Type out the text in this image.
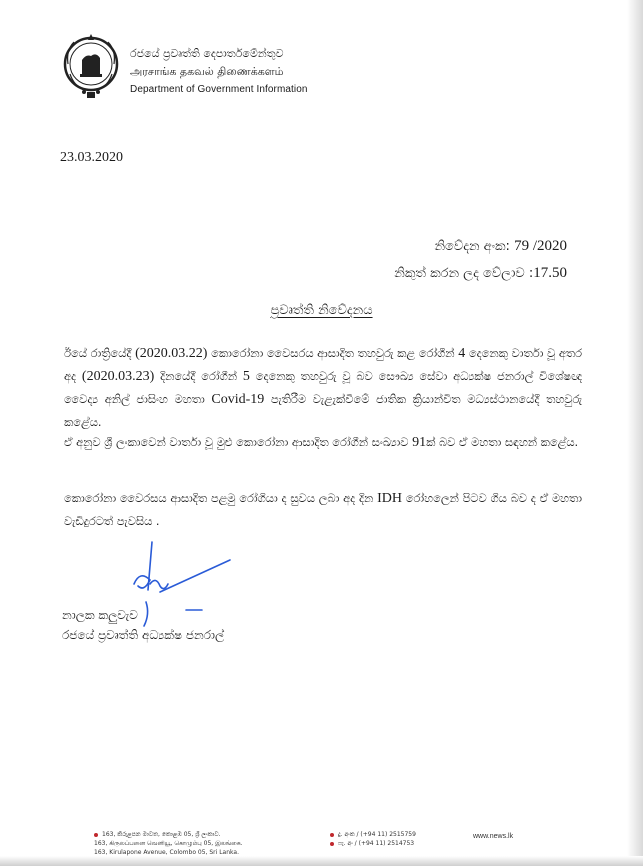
රජයේ ප්‍රවෘත්ති දෙපාර්තමේන්තුව
அரசாங்க தகவல் திணைக்களம்
Department of Government Information
23.03.2020
නිවේදන අංක: 79 /2020
නිකුත් කරන ලද වේලාව :17.50
ප්‍රවෘත්ති නිවේදනය
ඊයේ රාත්‍රියේදී (2020.03.22) කොරෝනා වෛසරය ආසාදිත තහවුරු කළ රෝගීන් 4 දෙනෙකු වාර්තා වූ අතර අද (2020.03.23) දිනයේදී රෝගීන් 5 දෙනෙකු තහවුරු වූ බව සෞඛ්‍ය සේවා අධ්‍යක්ෂ ජනරාල් විශේෂඥ වෛද්‍ය අනිල් ජාසිංහ මහතා Covid-19 පැතිරීම වැළැක්වීමේ ජාතික ක්‍රියාන්විත මධ්‍යස්ථානයේදී තහවුරු කළේය.
ඒ අනුව ශ්‍රී ලංකාවෙන් වාර්තා වූ මුළු කොරෝනා ආසාදිත රෝගීන් සංඛ්‍යාව 91ක් බව ඒ මහතා සඳහන් කළේය.
කොරෝනා වෛරසය ආසාදිත පළමු රෝගියා ද සුවය ලබා අද දින IDH රෝහලෙන් පිටව ගිය බව ද ඒ මහතා වැඩිදුරටත් පැවසිය .
නාලක කලුවැව
රජයේ ප්‍රවෘත්ති අධ්‍යක්ෂ ජනරාල්
163, කිරුළපන මාවත, කොළඹ 05, ශ්‍රී ලංකාව.
163, கிருலப்பனை வெனியூ, கொழும்பு 05, இலங்கை.
163, Kirulapone Avenue, Colombo 05, Sri Lanka.
දු. අංක / (+94 11) 2515759
ෆැ. අං / (+94 11) 2514753
www.news.lk
